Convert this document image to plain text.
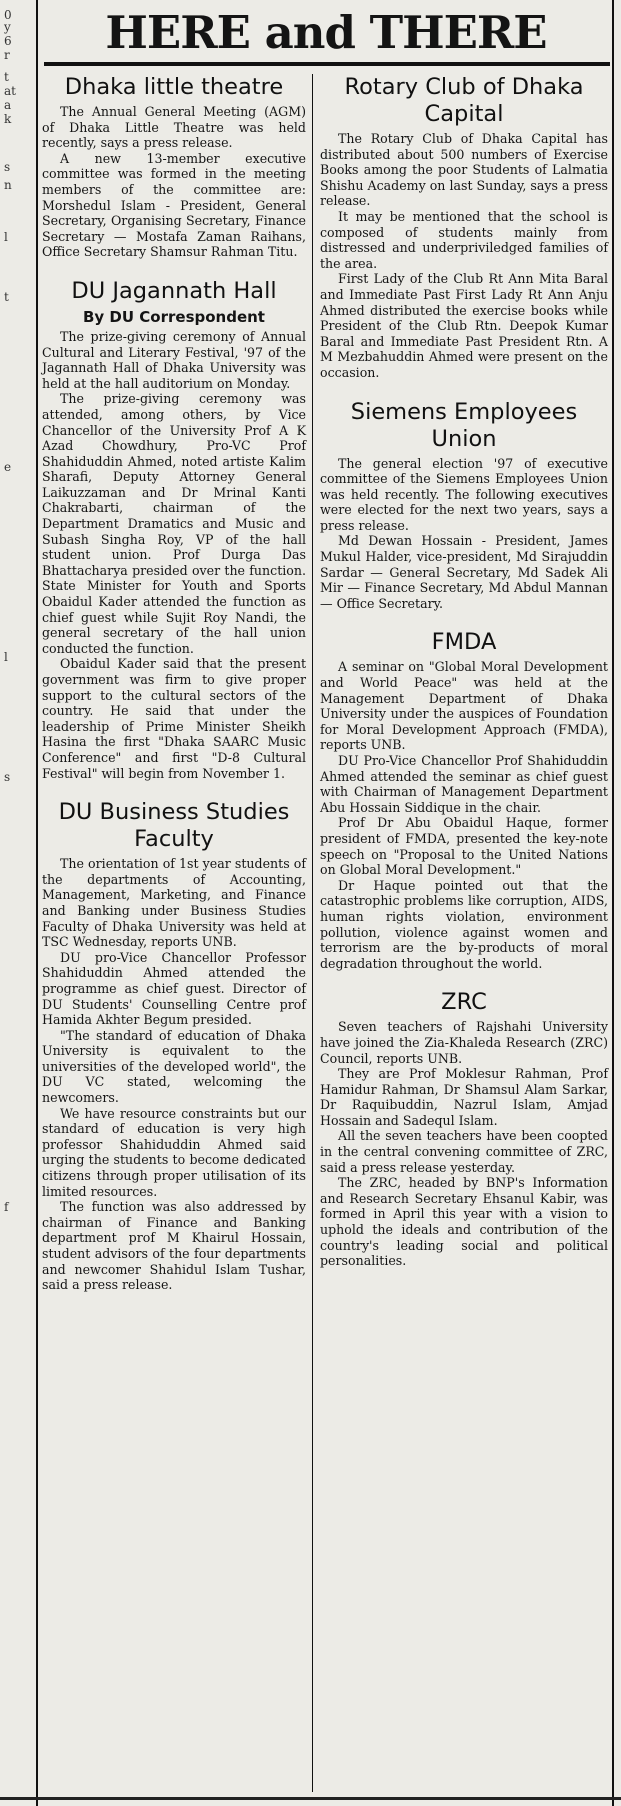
0
y
6
r
t
at
a
k
s
n
l
t
e
l
s
f
HERE and THERE
Dhaka little theatre

The Annual General Meeting (AGM) of Dhaka Little Theatre was held recently, says a press release.

A new 13-member executive committee was formed in the meeting members of the committee are: Morshedul Islam - President, General Secretary, Organising Secretary, Finance Secretary — Mostafa Zaman Raihans, Office Secretary Shamsur Rahman Titu.

DU Jagannath Hall
By DU Correspondent

The prize-giving ceremony of Annual Cultural and Literary Festival, '97 of the Jagannath Hall of Dhaka University was held at the hall auditorium on Monday.

The prize-giving ceremony was attended, among others, by Vice Chancellor of the University Prof A K Azad Chowdhury, Pro-VC Prof Shahiduddin Ahmed, noted artiste Kalim Sharafi, Deputy Attorney General Laikuzzaman and Dr Mrinal Kanti Chakrabarti, chairman of the Department Dramatics and Music and Subash Singha Roy, VP of the hall student union. Prof Durga Das Bhattacharya presided over the function. State Minister for Youth and Sports Obaidul Kader attended the function as chief guest while Sujit Roy Nandi, the general secretary of the hall union conducted the function.

Obaidul Kader said that the present government was firm to give proper support to the cultural sectors of the country. He said that under the leadership of Prime Minister Sheikh Hasina the first "Dhaka SAARC Music Conference" and first "D-8 Cultural Festival" will begin from November 1.

DU Business Studies Faculty

The orientation of 1st year students of the departments of Accounting, Management, Marketing, and Finance and Banking under Business Studies Faculty of Dhaka University was held at TSC Wednesday, reports UNB.

DU pro-Vice Chancellor Professor Shahiduddin Ahmed attended the programme as chief guest. Director of DU Students' Counselling Centre prof Hamida Akhter Begum presided.

"The standard of education of Dhaka University is equivalent to the universities of the developed world", the DU VC stated, welcoming the newcomers.

We have resource constraints but our standard of education is very high professor Shahiduddin Ahmed said urging the students to become dedicated citizens through proper utilisation of its limited resources.

The function was also addressed by chairman of Finance and Banking department prof M Khairul Hossain, student advisors of the four departments and newcomer Shahidul Islam Tushar, said a press release.

Rotary Club of Dhaka Capital

The Rotary Club of Dhaka Capital has distributed about 500 numbers of Exercise Books among the poor Students of Lalmatia Shishu Academy on last Sunday, says a press release.

It may be mentioned that the school is composed of students mainly from distressed and underpriviledged families of the area.

First Lady of the Club Rt Ann Mita Baral and Immediate Past First Lady Rt Ann Anju Ahmed distributed the exercise books while President of the Club Rtn. Deepok Kumar Baral and Immediate Past President Rtn. A M Mezbahuddin Ahmed were present on the occasion.

Siemens Employees Union

The general election '97 of executive committee of the Siemens Employees Union was held recently. The following executives were elected for the next two years, says a press release.

Md Dewan Hossain - President, James Mukul Halder, vice-president, Md Sirajuddin Sardar — General Secretary, Md Sadek Ali Mir — Finance Secretary, Md Abdul Mannan — Office Secretary.

FMDA

A seminar on "Global Moral Development and World Peace" was held at the Management Department of Dhaka University under the auspices of Foundation for Moral Development Approach (FMDA), reports UNB.

DU Pro-Vice Chancellor Prof Shahiduddin Ahmed attended the seminar as chief guest with Chairman of Management Department Abu Hossain Siddique in the chair.

Prof Dr Abu Obaidul Haque, former president of FMDA, presented the key-note speech on "Proposal to the United Nations on Global Moral Development."

Dr Haque pointed out that the catastrophic problems like corruption, AIDS, human rights violation, environment pollution, violence against women and terrorism are the by-products of moral degradation throughout the world.

ZRC

Seven teachers of Rajshahi University have joined the Zia-Khaleda Research (ZRC) Council, reports UNB.

They are Prof Moklesur Rahman, Prof Hamidur Rahman, Dr Shamsul Alam Sarkar, Dr Raquibuddin, Nazrul Islam, Amjad Hossain and Sadequl Islam.

All the seven teachers have been coopted in the central convening committee of ZRC, said a press release yesterday.

The ZRC, headed by BNP's Information and Research Secretary Ehsanul Kabir, was formed in April this year with a vision to uphold the ideals and contribution of the country's leading social and political personalities.
